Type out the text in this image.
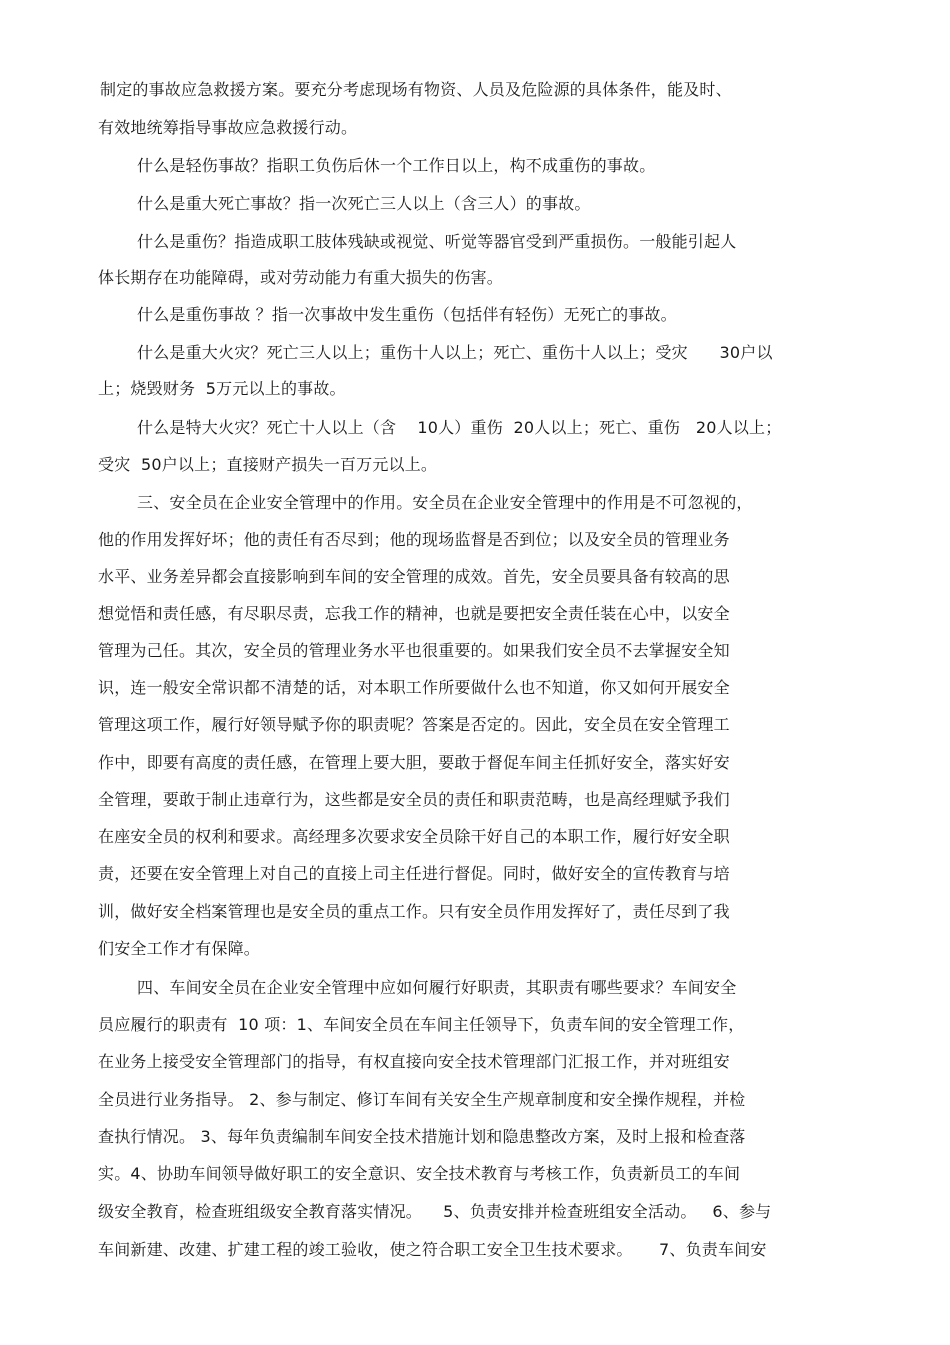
制定的事故应急救援方案。要充分考虑现场有物资、人员及危险源的具体条件，能及时、
有效地统筹指导事故应急救援行动。
什么是轻伤事故？指职工负伤后休一个工作日以上，构不成重伤的事故。
什么是重大死亡事故？指一次死亡三人以上（含三人）的事故。
什么是重伤？指造成职工肢体残缺或视觉、听觉等器官受到严重损伤。一般能引起人
体长期存在功能障碍，或对劳动能力有重大损失的伤害。
什么是重伤事故 ？指一次事故中发生重伤（包括伴有轻伤）无死亡的事故。
什么是重大火灾？死亡三人以上；重伤十人以上；死亡、重伤十人以上；受灾      30户以
上；烧毁财务  5万元以上的事故。
什么是特大火灾？死亡十人以上（含    10人）重伤  20人以上；死亡、重伤   20人以上；
受灾  50户以上；直接财产损失一百万元以上。
三、安全员在企业安全管理中的作用。安全员在企业安全管理中的作用是不可忽视的，
他的作用发挥好坏；他的责任有否尽到；他的现场监督是否到位；以及安全员的管理业务
水平、业务差异都会直接影响到车间的安全管理的成效。首先，安全员要具备有较高的思
想觉悟和责任感，有尽职尽责，忘我工作的精神，也就是要把安全责任装在心中，以安全
管理为己任。其次，安全员的管理业务水平也很重要的。如果我们安全员不去掌握安全知
识，连一般安全常识都不清楚的话，对本职工作所要做什么也不知道，你又如何开展安全
管理这项工作，履行好领导赋予你的职责呢？答案是否定的。因此，安全员在安全管理工
作中，即要有高度的责任感，在管理上要大胆，要敢于督促车间主任抓好安全，落实好安
全管理，要敢于制止违章行为，这些都是安全员的责任和职责范畴，也是高经理赋予我们
在座安全员的权利和要求。高经理多次要求安全员除干好自己的本职工作，履行好安全职
责，还要在安全管理上对自己的直接上司主任进行督促。同时，做好安全的宣传教育与培
训，做好安全档案管理也是安全员的重点工作。只有安全员作用发挥好了，责任尽到了我
们安全工作才有保障。
四、车间安全员在企业安全管理中应如何履行好职责，其职责有哪些要求？车间安全
员应履行的职责有  10 项：1、车间安全员在车间主任领导下，负责车间的安全管理工作，
在业务上接受安全管理部门的指导，有权直接向安全技术管理部门汇报工作，并对班组安
全员进行业务指导。 2、参与制定、修订车间有关安全生产规章制度和安全操作规程，并检
查执行情况。 3、每年负责编制车间安全技术措施计划和隐患整改方案，及时上报和检查落
实。4、协助车间领导做好职工的安全意识、安全技术教育与考核工作，负责新员工的车间
级安全教育，检查班组级安全教育落实情况。    5、负责安排并检查班组安全活动。   6、参与
车间新建、改建、扩建工程的竣工验收，使之符合职工安全卫生技术要求。     7、负责车间安
